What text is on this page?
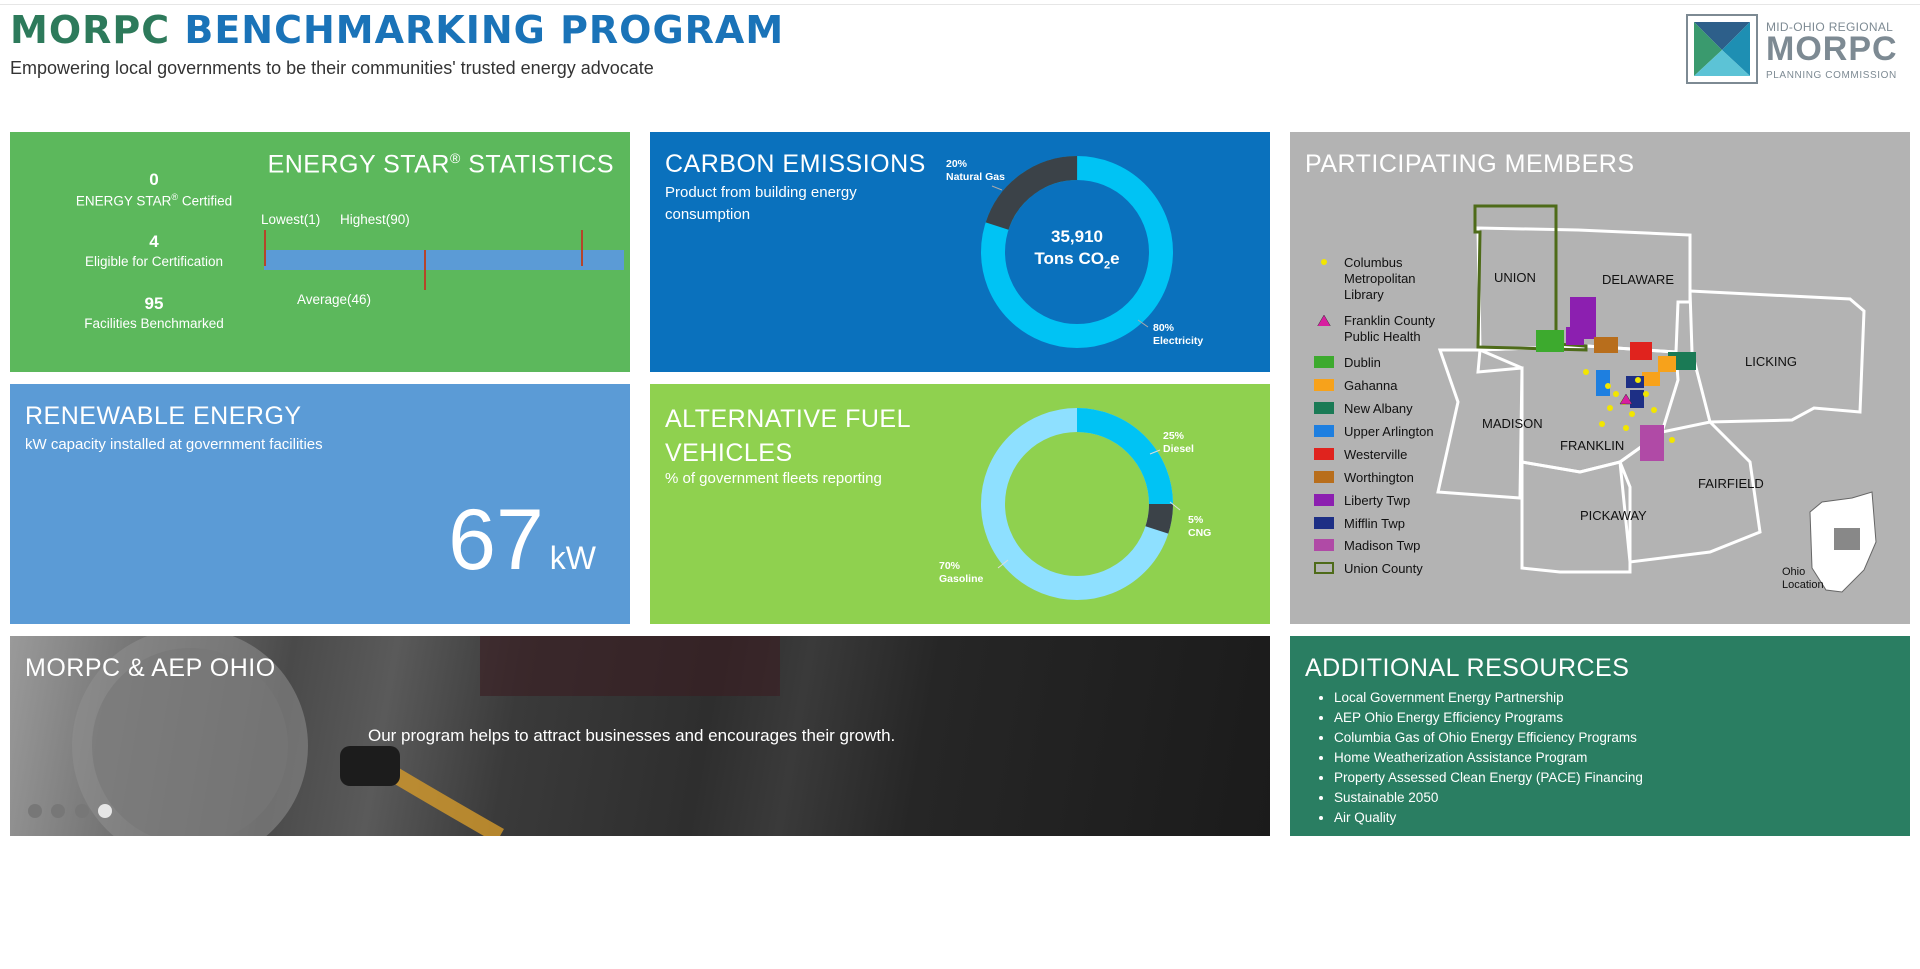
MORPC BENCHMARKING PROGRAM
Empowering local governments to be their communities' trusted energy advocate
MID-OHIO REGIONAL
MORPC
PLANNING COMMISSION
ENERGY STAR® STATISTICS
0
ENERGY STAR® Certified
4
Eligible for Certification
95
Facilities Benchmarked
Lowest(1) Highest(90)
Average(46)
CARBON EMISSIONS
Product from building energy consumption
20%
Natural Gas
80%
Electricity
35,910
Tons $CO_2e$
PARTICIPATING MEMBERS
Columbus Metropolitan Library
Franklin County Public Health
Dublin
Gahanna
New Albany
Upper Arlington
Westerville
Worthington
Liberty Twp
Mifflin Twp
Madison Twp
Union County
UNION	DELAWARE
LICKING
MADISON
FRANKLIN
FAIRFIELD
PICKAWAY
Ohio
Location
RENEWABLE ENERGY
kW capacity installed at government facilities
67 kW
ALTERNATIVE FUEL
VEHICLES
% of government fleets reporting
25%
Diesel
5%
CNG
70%
Gasoline
MORPC & AEP OHIO
Our program helps to attract businesses and encourages their growth.

ADDITIONAL RESOURCES
• Local Government Energy Partnership
• AEP Ohio Energy Efficiency Programs
• Columbia Gas of Ohio Energy Efficiency Programs
• Home Weatherization Assistance Program
• Property Assessed Clean Energy (PACE) Financing
• Sustainable 2050
• Air Quality
